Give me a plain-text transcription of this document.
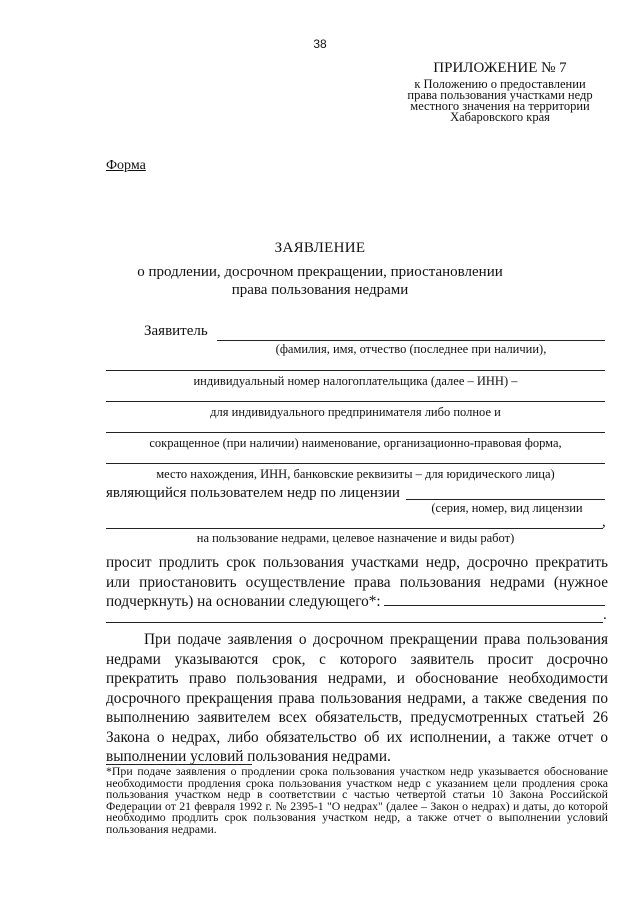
38
ПРИЛОЖЕНИЕ № 7
к Положению о предоставлении
права пользования участками недр
местного значения на территории
Хабаровского края
Форма
ЗАЯВЛЕНИЕ
о продлении, досрочном прекращении, приостановлении
права пользования недрами
Заявитель
(фамилия, имя, отчество (последнее при наличии),
индивидуальный номер налогоплательщика (далее – ИНН) –
для индивидуального предпринимателя либо полное и
сокращенное (при наличии) наименование, организационно-правовая форма,
место нахождения, ИНН, банковские реквизиты – для юридического лица)
являющийся пользователем недр по лицензии
(серия, номер, вид лицензии
,
на пользование недрами, целевое назначение и виды работ)
просит продлить срок пользования участками недр, досрочно прекратить или приостановить осуществление права пользования недрами (нужное подчеркнуть) на основании следующего*:
.
При подаче заявления о досрочном прекращении права пользования недрами указываются срок, с которого заявитель просит досрочно прекратить право пользования недрами, и обоснование необходимости досрочного прекращения права пользования недрами, а также сведения по выполнению заявителем всех обязательств, предусмотренных статьей 26 Закона о недрах, либо обязательство об их исполнении, а также отчет о выполнении условий пользования недрами.
*При подаче заявления о продлении срока пользования участком недр указывается обоснование необходимости продления срока пользования участком недр с указанием цели продления срока пользования участком недр в соответствии с частью четвертой статьи 10 Закона Российской Федерации от 21 февраля 1992 г. № 2395-1 "О недрах" (далее – Закон о недрах) и даты, до которой необходимо продлить срок пользования участком недр, а также отчет о выполнении условий пользования недрами.
